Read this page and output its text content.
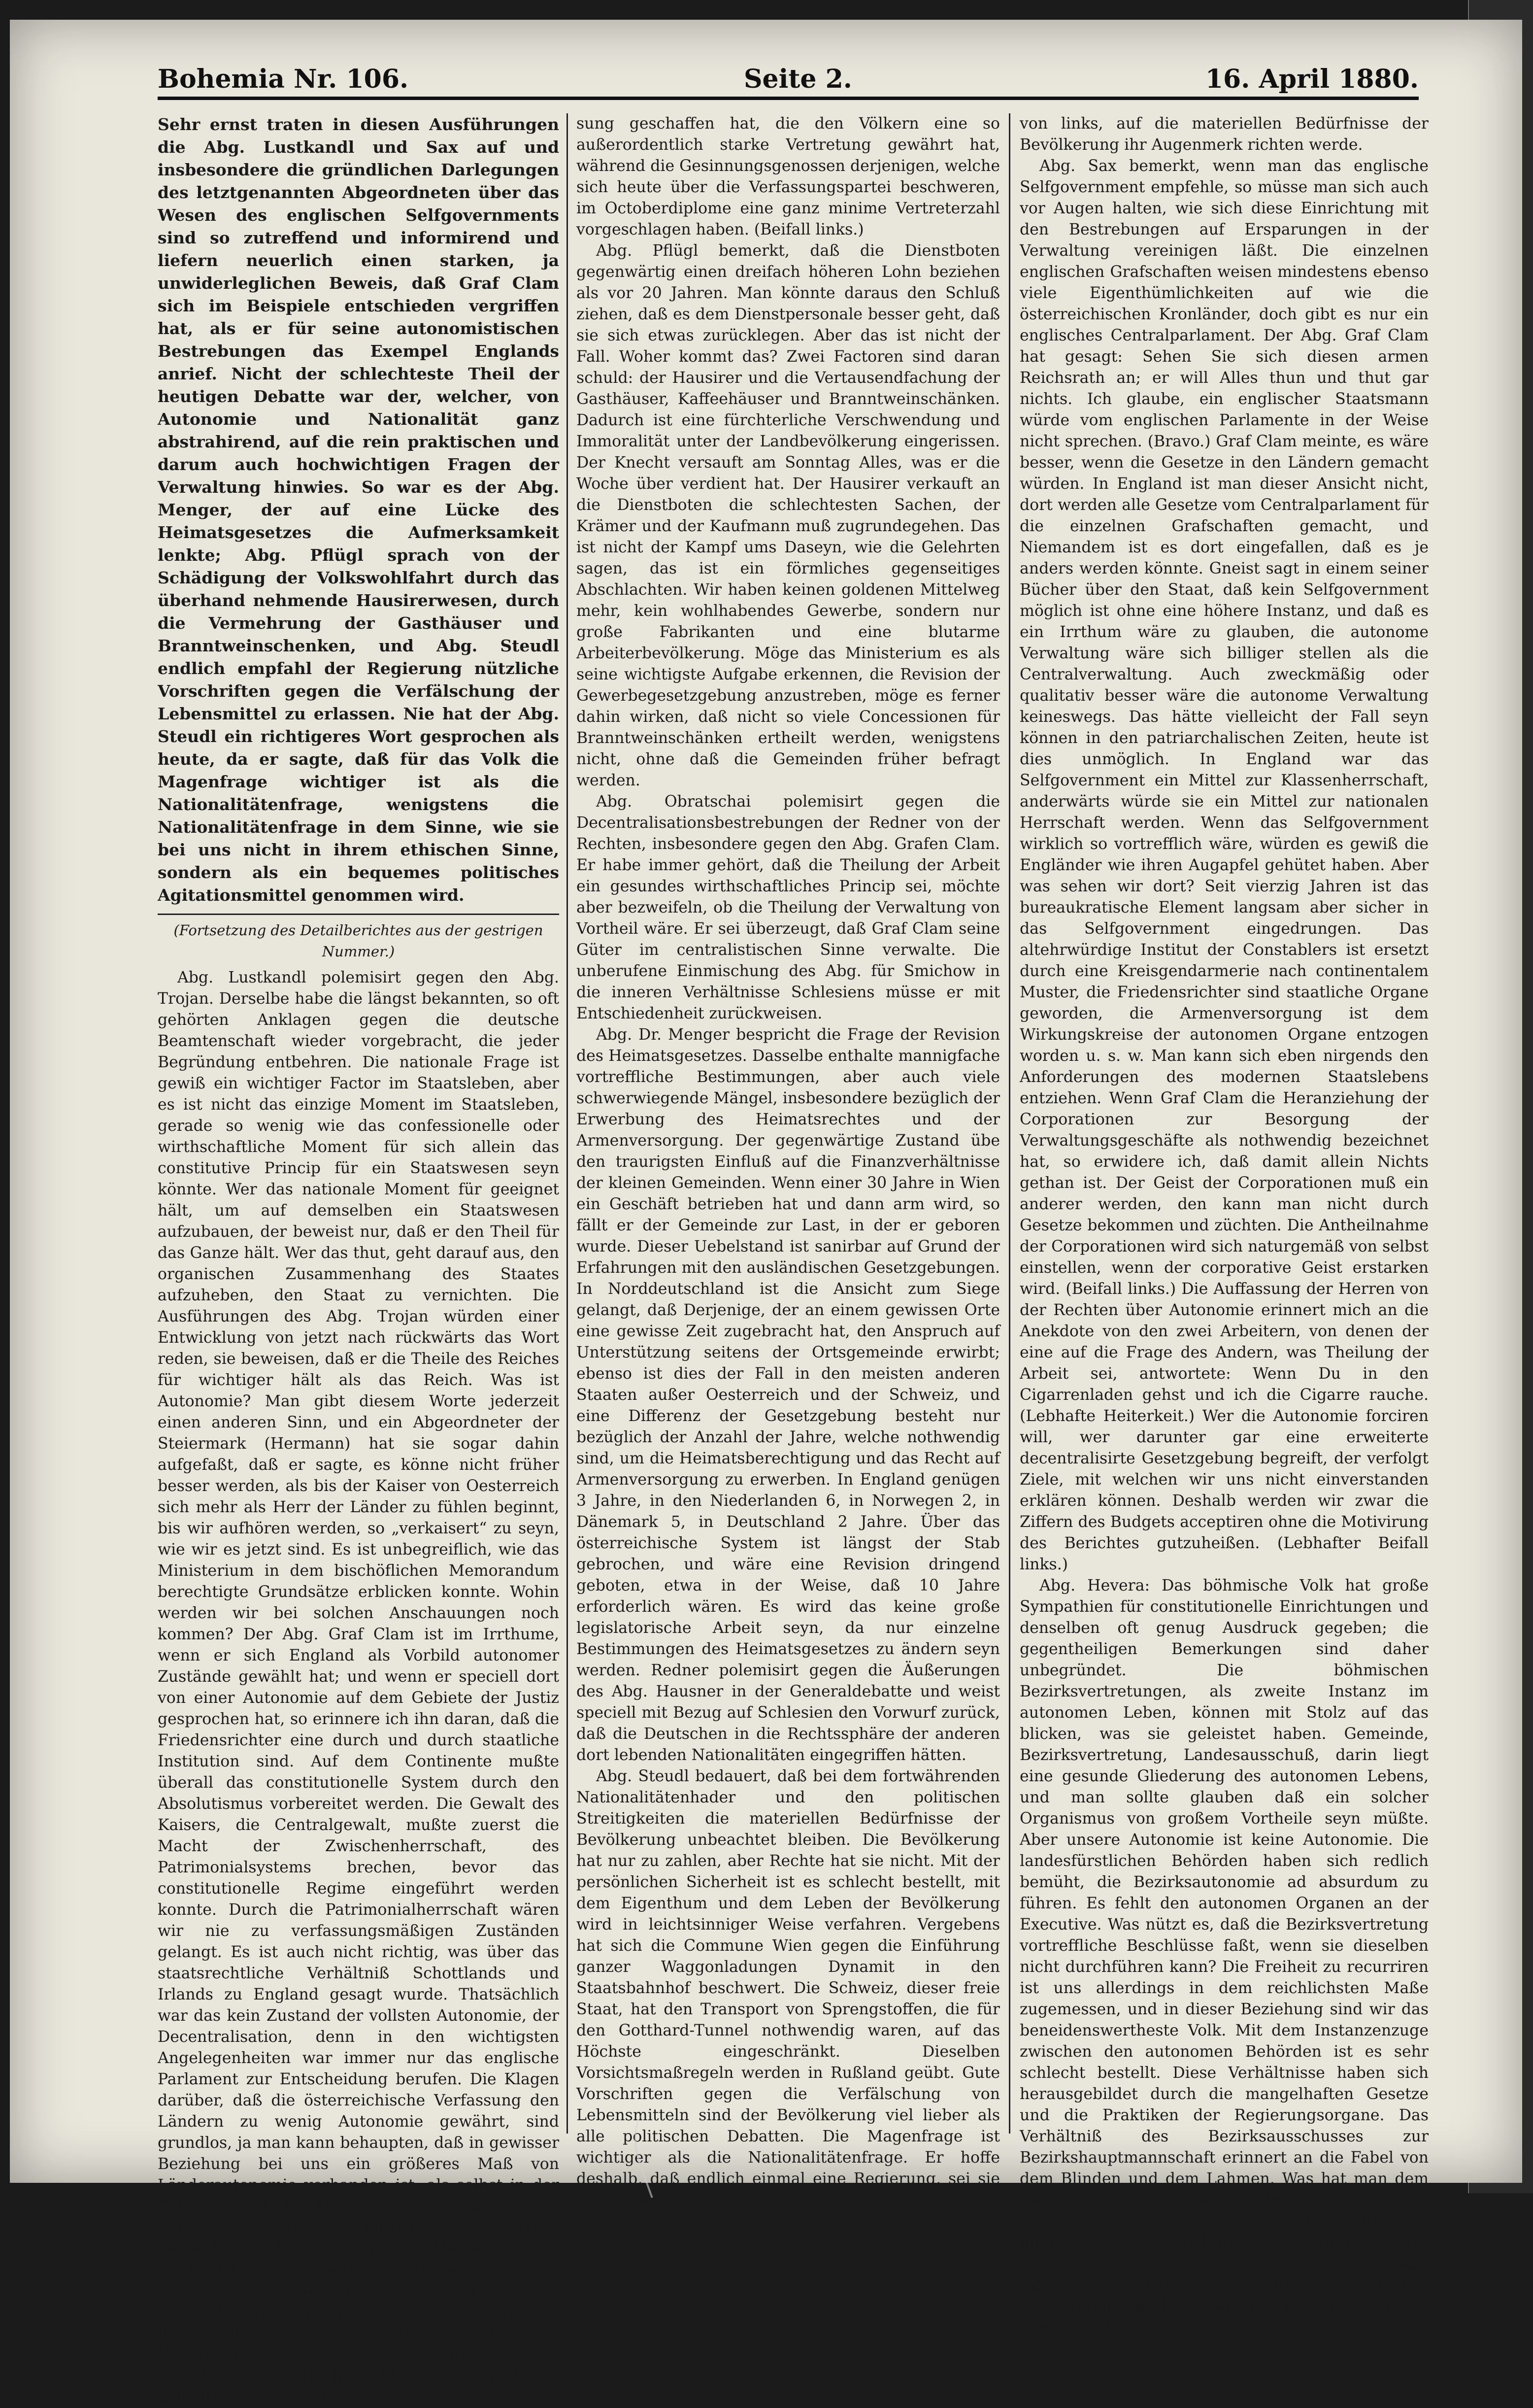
Bohemia Nr. 106.	Seite 2.	16. April 1880.

Sehr ernst traten in diesen Ausführungen die Abg. Lustkandl und Sax auf und insbesondere die gründlichen Darlegungen des letztgenannten Abgeordneten über das Wesen des englischen Selfgovernments sind so zutreffend und informirend und liefern neuerlich einen starken, ja unwiderleglichen Beweis, daß Graf Clam sich im Beispiele entschieden vergriffen hat, als er für seine autonomistischen Bestrebungen das Exempel Englands anrief. Nicht der schlechteste Theil der heutigen Debatte war der, welcher, von Autonomie und Nationalität ganz abstrahirend, auf die rein praktischen und darum auch hochwichtigen Fragen der Verwaltung hinwies. So war es der Abg. Menger, der auf eine Lücke des Heimatsgesetzes die Aufmerksamkeit lenkte; Abg. Pflügl sprach von der Schädigung der Volkswohlfahrt durch das überhand nehmende Hausirerwesen, durch die Vermehrung der Gasthäuser und Branntweinschenken, und Abg. Steudl endlich empfahl der Regierung nützliche Vorschriften gegen die Verfälschung der Lebensmittel zu erlassen. Nie hat der Abg. Steudl ein richtigeres Wort gesprochen als heute, da er sagte, daß für das Volk die Magenfrage wichtiger ist als die Nationalitätenfrage, wenigstens die Nationalitätenfrage in dem Sinne, wie sie bei uns nicht in ihrem ethischen Sinne, sondern als ein bequemes politisches Agitationsmittel genommen wird.

(Fortsetzung des Detailberichtes aus der gestrigen Nummer.)

Abg. Lustkandl polemisirt gegen den Abg. Trojan. Derselbe habe die längst bekannten, so oft gehörten Anklagen gegen die deutsche Beamtenschaft wieder vorgebracht, die jeder Begründung entbehren. Die nationale Frage ist gewiß ein wichtiger Factor im Staatsleben, aber es ist nicht das einzige Moment im Staatsleben, gerade so wenig wie das confessionelle oder wirthschaftliche Moment für sich allein das constitutive Princip für ein Staatswesen seyn könnte. Wer das nationale Moment für geeignet hält, um auf demselben ein Staatswesen aufzubauen, der beweist nur, daß er den Theil für das Ganze hält. Wer das thut, geht darauf aus, den organischen Zusammenhang des Staates aufzuheben, den Staat zu vernichten. Die Ausführungen des Abg. Trojan würden einer Entwicklung von jetzt nach rückwärts das Wort reden, sie beweisen, daß er die Theile des Reiches für wichtiger hält als das Reich. Was ist Autonomie? Man gibt diesem Worte jederzeit einen anderen Sinn, und ein Abgeordneter der Steiermark (Hermann) hat sie sogar dahin aufgefaßt, daß er sagte, es könne nicht früher besser werden, als bis der Kaiser von Oesterreich sich mehr als Herr der Länder zu fühlen beginnt, bis wir aufhören werden, so „verkaisert“ zu seyn, wie wir es jetzt sind. Es ist unbegreiflich, wie das Ministerium in dem bischöflichen Memorandum berechtigte Grundsätze erblicken konnte. Wohin werden wir bei solchen Anschauungen noch kommen? Der Abg. Graf Clam ist im Irrthume, wenn er sich England als Vorbild autonomer Zustände gewählt hat; und wenn er speciell dort von einer Autonomie auf dem Gebiete der Justiz gesprochen hat, so erinnere ich ihn daran, daß die Friedensrichter eine durch und durch staatliche Institution sind. Auf dem Continente mußte überall das constitutionelle System durch den Absolutismus vorbereitet werden. Die Gewalt des Kaisers, die Centralgewalt, mußte zuerst die Macht der Zwischenherrschaft, des Patrimonialsystems brechen, bevor das constitutionelle Regime eingeführt werden konnte. Durch die Patrimonialherrschaft wären wir nie zu verfassungsmäßigen Zuständen gelangt. Es ist auch nicht richtig, was über das staatsrechtliche Verhältniß Schottlands und Irlands zu England gesagt wurde. Thatsächlich war das kein Zustand der vollsten Autonomie, der Decentralisation, denn in den wichtigsten Angelegenheiten war immer nur das englische Parlament zur Entscheidung berufen. Die Klagen darüber, daß die österreichische Verfassung den Ländern zu wenig Autonomie gewährt, sind grundlos, ja man kann behaupten, daß in gewisser Beziehung bei uns ein größeres Maß von Länderautonomie vorhanden ist, als selbst in der Schweiz und in Amerika. Dort erwirbt man beispielsweise die Staatsbürgerschaft nur durch einen Eid, welcher der ganzen Union geleistet wird, und es wäre sehr zu wünschen, wenn bei uns ein ebenso entwickeltes Staatsgefühl vorhanden wäre, wie in Amerika. Redner leugnet, daß es die Verfassungspartei war, welche die Verfeindung der Nationen stets gefördert habe; das kann man doch nicht von einer Partei behaupten, welche die Verfas-

sung geschaffen hat, die den Völkern eine so außerordentlich starke Vertretung gewährt hat, während die Gesinnungsgenossen derjenigen, welche sich heute über die Verfassungspartei beschweren, im Octoberdiplome eine ganz minime Vertreterzahl vorgeschlagen haben. (Beifall links.)

Abg. Pflügl bemerkt, daß die Dienstboten gegenwärtig einen dreifach höheren Lohn beziehen als vor 20 Jahren. Man könnte daraus den Schluß ziehen, daß es dem Dienstpersonale besser geht, daß sie sich etwas zurücklegen. Aber das ist nicht der Fall. Woher kommt das? Zwei Factoren sind daran schuld: der Hausirer und die Vertausendfachung der Gasthäuser, Kaffeehäuser und Branntweinschänken. Dadurch ist eine fürchterliche Verschwendung und Immoralität unter der Landbevölkerung eingerissen. Der Knecht versauft am Sonntag Alles, was er die Woche über verdient hat. Der Hausirer verkauft an die Dienstboten die schlechtesten Sachen, der Krämer und der Kaufmann muß zugrundegehen. Das ist nicht der Kampf ums Daseyn, wie die Gelehrten sagen, das ist ein förmliches gegenseitiges Abschlachten. Wir haben keinen goldenen Mittelweg mehr, kein wohlhabendes Gewerbe, sondern nur große Fabrikanten und eine blutarme Arbeiterbevölkerung. Möge das Ministerium es als seine wichtigste Aufgabe erkennen, die Revision der Gewerbegesetzgebung anzustreben, möge es ferner dahin wirken, daß nicht so viele Concessionen für Branntweinschänken ertheilt werden, wenigstens nicht, ohne daß die Gemeinden früher befragt werden.

Abg. Obratschai polemisirt gegen die Decentralisationsbestrebungen der Redner von der Rechten, insbesondere gegen den Abg. Grafen Clam. Er habe immer gehört, daß die Theilung der Arbeit ein gesundes wirthschaftliches Princip sei, möchte aber bezweifeln, ob die Theilung der Verwaltung von Vortheil wäre. Er sei überzeugt, daß Graf Clam seine Güter im centralistischen Sinne verwalte. Die unberufene Einmischung des Abg. für Smichow in die inneren Verhältnisse Schlesiens müsse er mit Entschiedenheit zurückweisen.

Abg. Dr. Menger bespricht die Frage der Revision des Heimatsgesetzes. Dasselbe enthalte mannigfache vortreffliche Bestimmungen, aber auch viele schwerwiegende Mängel, insbesondere bezüglich der Erwerbung des Heimatsrechtes und der Armenversorgung. Der gegenwärtige Zustand übe den traurigsten Einfluß auf die Finanzverhältnisse der kleinen Gemeinden. Wenn einer 30 Jahre in Wien ein Geschäft betrieben hat und dann arm wird, so fällt er der Gemeinde zur Last, in der er geboren wurde. Dieser Uebelstand ist sanirbar auf Grund der Erfahrungen mit den ausländischen Gesetzgebungen. In Norddeutschland ist die Ansicht zum Siege gelangt, daß Derjenige, der an einem gewissen Orte eine gewisse Zeit zugebracht hat, den Anspruch auf Unterstützung seitens der Ortsgemeinde erwirbt; ebenso ist dies der Fall in den meisten anderen Staaten außer Oesterreich und der Schweiz, und eine Differenz der Gesetzgebung besteht nur bezüglich der Anzahl der Jahre, welche nothwendig sind, um die Heimatsberechtigung und das Recht auf Armenversorgung zu erwerben. In England genügen 3 Jahre, in den Niederlanden 6, in Norwegen 2, in Dänemark 5, in Deutschland 2 Jahre. Über das österreichische System ist längst der Stab gebrochen, und wäre eine Revision dringend geboten, etwa in der Weise, daß 10 Jahre erforderlich wären. Es wird das keine große legislatorische Arbeit seyn, da nur einzelne Bestimmungen des Heimatsgesetzes zu ändern seyn werden. Redner polemisirt gegen die Äußerungen des Abg. Hausner in der Generaldebatte und weist speciell mit Bezug auf Schlesien den Vorwurf zurück, daß die Deutschen in die Rechtssphäre der anderen dort lebenden Nationalitäten eingegriffen hätten.

Abg. Steudl bedauert, daß bei dem fortwährenden Nationalitätenhader und den politischen Streitigkeiten die materiellen Bedürfnisse der Bevölkerung unbeachtet bleiben. Die Bevölkerung hat nur zu zahlen, aber Rechte hat sie nicht. Mit der persönlichen Sicherheit ist es schlecht bestellt, mit dem Eigenthum und dem Leben der Bevölkerung wird in leichtsinniger Weise verfahren. Vergebens hat sich die Commune Wien gegen die Einführung ganzer Waggonladungen Dynamit in den Staatsbahnhof beschwert. Die Schweiz, dieser freie Staat, hat den Transport von Sprengstoffen, die für den Gotthard-Tunnel nothwendig waren, auf das Höchste eingeschränkt. Dieselben Vorsichtsmaßregeln werden in Rußland geübt. Gute Vorschriften gegen die Verfälschung von Lebensmitteln sind der Bevölkerung viel lieber als alle politischen Debatten. Die Magenfrage ist wichtiger als die Nationalitätenfrage. Er hoffe deshalb, daß endlich einmal eine Regierung, sei sie von rechts oder

von links, auf die materiellen Bedürfnisse der Bevölkerung ihr Augenmerk richten werde.

Abg. Sax bemerkt, wenn man das englische Selfgovernment empfehle, so müsse man sich auch vor Augen halten, wie sich diese Einrichtung mit den Bestrebungen auf Ersparungen in der Verwaltung vereinigen läßt. Die einzelnen englischen Grafschaften weisen mindestens ebenso viele Eigenthümlichkeiten auf wie die österreichischen Kronländer, doch gibt es nur ein englisches Centralparlament. Der Abg. Graf Clam hat gesagt: Sehen Sie sich diesen armen Reichsrath an; er will Alles thun und thut gar nichts. Ich glaube, ein englischer Staatsmann würde vom englischen Parlamente in der Weise nicht sprechen. (Bravo.) Graf Clam meinte, es wäre besser, wenn die Gesetze in den Ländern gemacht würden. In England ist man dieser Ansicht nicht, dort werden alle Gesetze vom Centralparlament für die einzelnen Grafschaften gemacht, und Niemandem ist es dort eingefallen, daß es je anders werden könnte. Gneist sagt in einem seiner Bücher über den Staat, daß kein Selfgovernment möglich ist ohne eine höhere Instanz, und daß es ein Irrthum wäre zu glauben, die autonome Verwaltung wäre sich billiger stellen als die Centralverwaltung. Auch zweckmäßig oder qualitativ besser wäre die autonome Verwaltung keineswegs. Das hätte vielleicht der Fall seyn können in den patriarchalischen Zeiten, heute ist dies unmöglich. In England war das Selfgovernment ein Mittel zur Klassenherrschaft, anderwärts würde sie ein Mittel zur nationalen Herrschaft werden. Wenn das Selfgovernment wirklich so vortrefflich wäre, würden es gewiß die Engländer wie ihren Augapfel gehütet haben. Aber was sehen wir dort? Seit vierzig Jahren ist das bureaukratische Element langsam aber sicher in das Selfgovernment eingedrungen. Das altehrwürdige Institut der Constablers ist ersetzt durch eine Kreisgendarmerie nach continentalem Muster, die Friedensrichter sind staatliche Organe geworden, die Armenversorgung ist dem Wirkungskreise der autonomen Organe entzogen worden u. s. w. Man kann sich eben nirgends den Anforderungen des modernen Staatslebens entziehen. Wenn Graf Clam die Heranziehung der Corporationen zur Besorgung der Verwaltungsgeschäfte als nothwendig bezeichnet hat, so erwidere ich, daß damit allein Nichts gethan ist. Der Geist der Corporationen muß ein anderer werden, den kann man nicht durch Gesetze bekommen und züchten. Die Antheilnahme der Corporationen wird sich naturgemäß von selbst einstellen, wenn der corporative Geist erstarken wird. (Beifall links.) Die Auffassung der Herren von der Rechten über Autonomie erinnert mich an die Anekdote von den zwei Arbeitern, von denen der eine auf die Frage des Andern, was Theilung der Arbeit sei, antwortete: Wenn Du in den Cigarrenladen gehst und ich die Cigarre rauche. (Lebhafte Heiterkeit.) Wer die Autonomie forciren will, wer darunter gar eine erweiterte decentralisirte Gesetzgebung begreift, der verfolgt Ziele, mit welchen wir uns nicht einverstanden erklären können. Deshalb werden wir zwar die Ziffern des Budgets acceptiren ohne die Motivirung des Berichtes gutzuheißen. (Lebhafter Beifall links.)

Abg. Hevera: Das böhmische Volk hat große Sympathien für constitutionelle Einrichtungen und denselben oft genug Ausdruck gegeben; die gegentheiligen Bemerkungen sind daher unbegründet. Die böhmischen Bezirksvertretungen, als zweite Instanz im autonomen Leben, können mit Stolz auf das blicken, was sie geleistet haben. Gemeinde, Bezirksvertretung, Landesausschuß, darin liegt eine gesunde Gliederung des autonomen Lebens, und man sollte glauben daß ein solcher Organismus von großem Vortheile seyn müßte. Aber unsere Autonomie ist keine Autonomie. Die landesfürstlichen Behörden haben sich redlich bemüht, die Bezirksautonomie ad absurdum zu führen. Es fehlt den autonomen Organen an der Executive. Was nützt es, daß die Bezirksvertretung vortreffliche Beschlüsse faßt, wenn sie dieselben nicht durchführen kann? Die Freiheit zu recurriren ist uns allerdings in dem reichlichsten Maße zugemessen, und in dieser Beziehung sind wir das beneidenswertheste Volk. Mit dem Instanzenzuge zwischen den autonomen Behörden ist es sehr schlecht bestellt. Diese Verhältnisse haben sich herausgebildet durch die mangelhaften Gesetze und die Praktiken der Regierungsorgane. Das Verhältniß des Bezirksausschusses zur Bezirkshauptmannschaft erinnert an die Fabel von dem Blinden und dem Lahmen. Was hat man dem an der autonomen Wirksamkeit der Gemeindevorsteher auszusetzen? Man sollte doch über diese wichtigsten Organe der Gemeindeautonomie nicht immer wohlfeile Witze machen; es wird auch anderwärts mit der Orthographie und Grammatik nicht immer Ernst gemacht. Haben die
